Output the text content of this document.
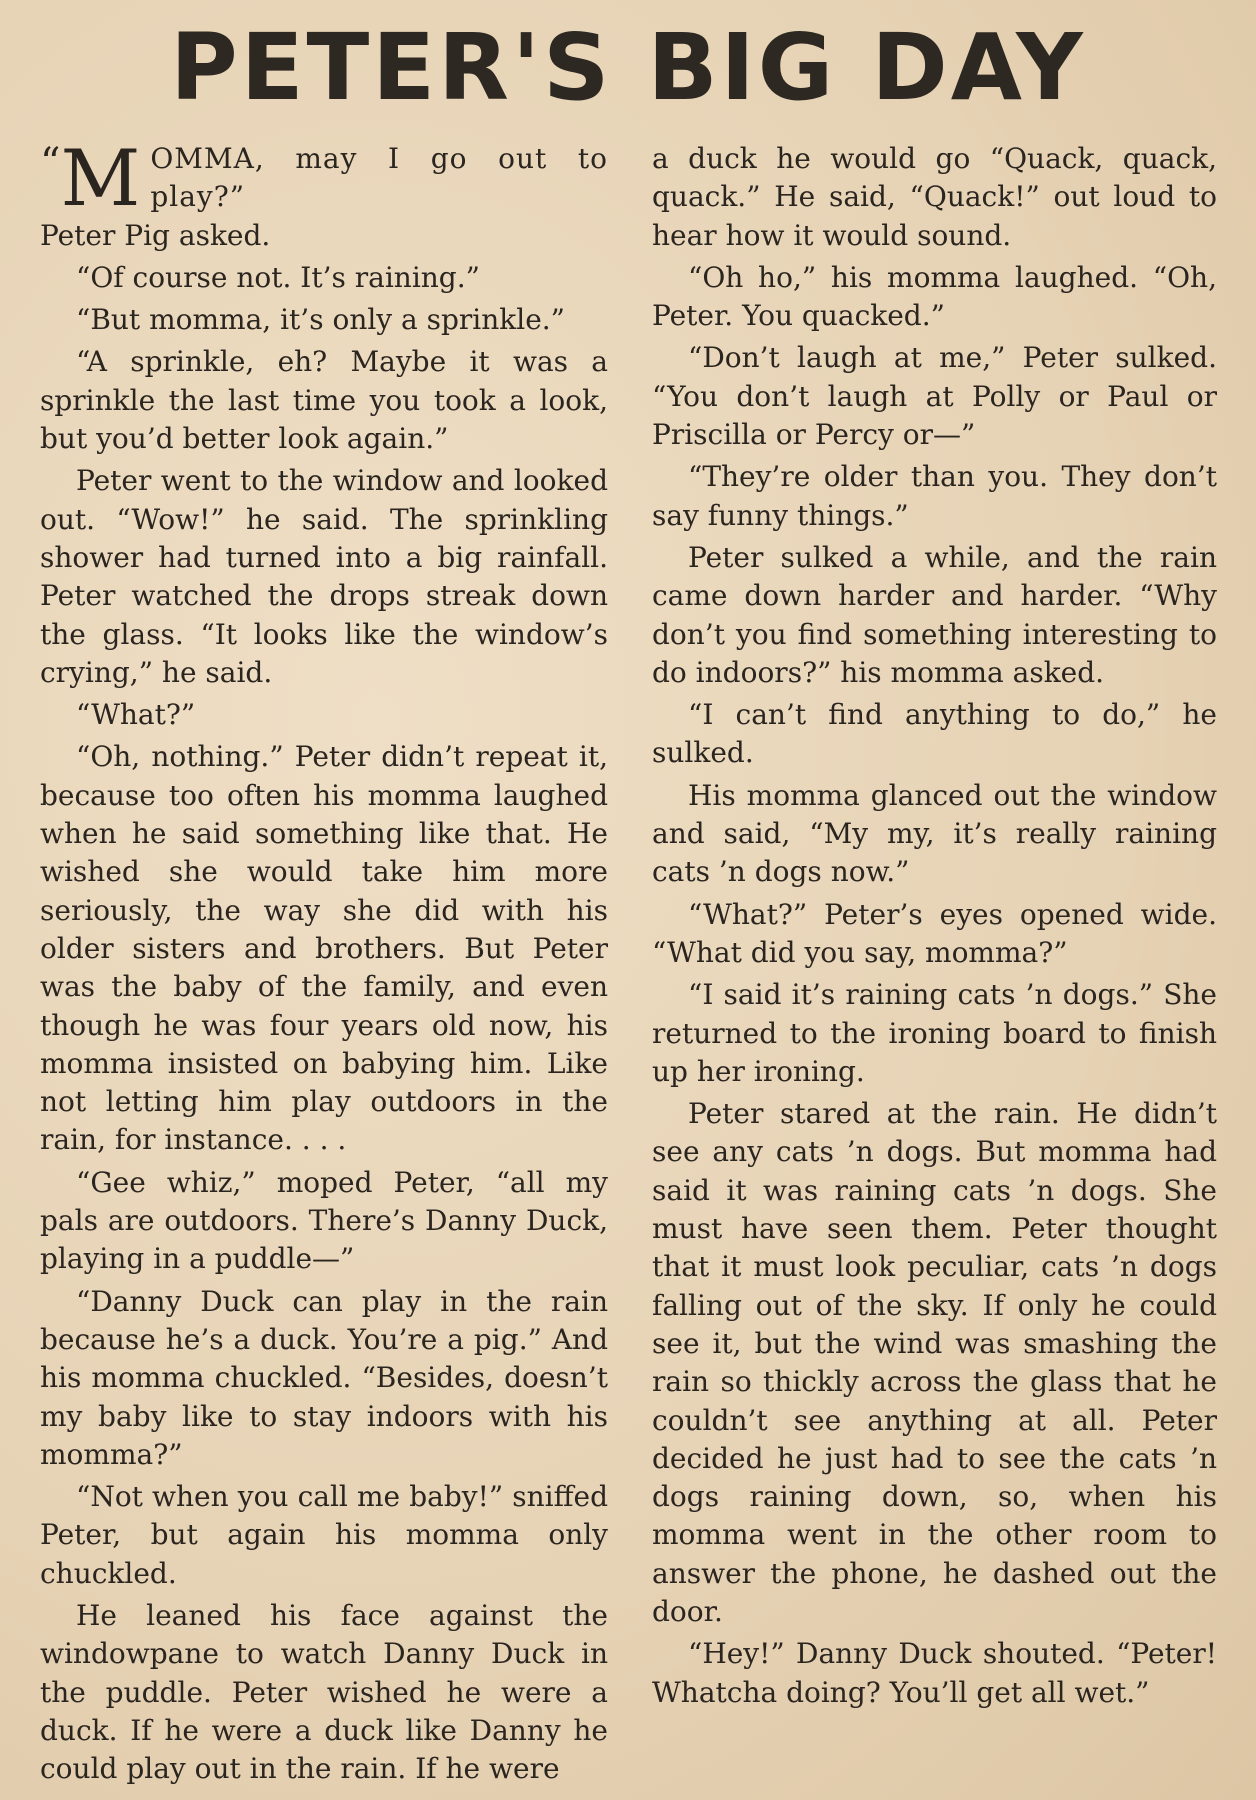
PETER'S BIG DAY

“M OMMA, may I go out to play?”
Peter Pig asked.

“Of course not. It’s raining.”

“But momma, it’s only a sprinkle.”

“A sprinkle, eh? Maybe it was a sprinkle the last time you took a look, but you’d better look again.”

Peter went to the window and looked out. “Wow!” he said. The sprinkling shower had turned into a big rainfall. Peter watched the drops streak down the glass. “It looks like the window’s crying,” he said.

“What?”

“Oh, nothing.” Peter didn’t repeat it, because too often his momma laughed when he said something like that. He wished she would take him more seriously, the way she did with his older sisters and brothers. But Peter was the baby of the family, and even though he was four years old now, his momma insisted on babying him. Like not letting him play outdoors in the rain, for instance. . . .

“Gee whiz,” moped Peter, “all my pals are outdoors. There’s Danny Duck, playing in a puddle—”

“Danny Duck can play in the rain because he’s a duck. You’re a pig.” And his momma chuckled. “Besides, doesn’t my baby like to stay indoors with his momma?”

“Not when you call me baby!” sniffed Peter, but again his momma only chuckled.

He leaned his face against the windowpane to watch Danny Duck in the puddle. Peter wished he were a duck. If he were a duck like Danny he could play out in the rain. If he were

a duck he would go “Quack, quack, quack.” He said, “Quack!” out loud to hear how it would sound.

“Oh ho,” his momma laughed. “Oh, Peter. You quacked.”

“Don’t laugh at me,” Peter sulked. “You don’t laugh at Polly or Paul or Priscilla or Percy or—”

“They’re older than you. They don’t say funny things.”

Peter sulked a while, and the rain came down harder and harder. “Why don’t you find something interesting to do indoors?” his momma asked.

“I can’t find anything to do,” he sulked.

His momma glanced out the window and said, “My my, it’s really raining cats ’n dogs now.”

“What?” Peter’s eyes opened wide. “What did you say, momma?”

“I said it’s raining cats ’n dogs.” She returned to the ironing board to finish up her ironing.

Peter stared at the rain. He didn’t see any cats ’n dogs. But momma had said it was raining cats ’n dogs. She must have seen them. Peter thought that it must look peculiar, cats ’n dogs falling out of the sky. If only he could see it, but the wind was smashing the rain so thickly across the glass that he couldn’t see anything at all. Peter decided he just had to see the cats ’n dogs raining down, so, when his momma went in the other room to answer the phone, he dashed out the door.

“Hey!” Danny Duck shouted. “Peter! Whatcha doing? You’ll get all wet.”
